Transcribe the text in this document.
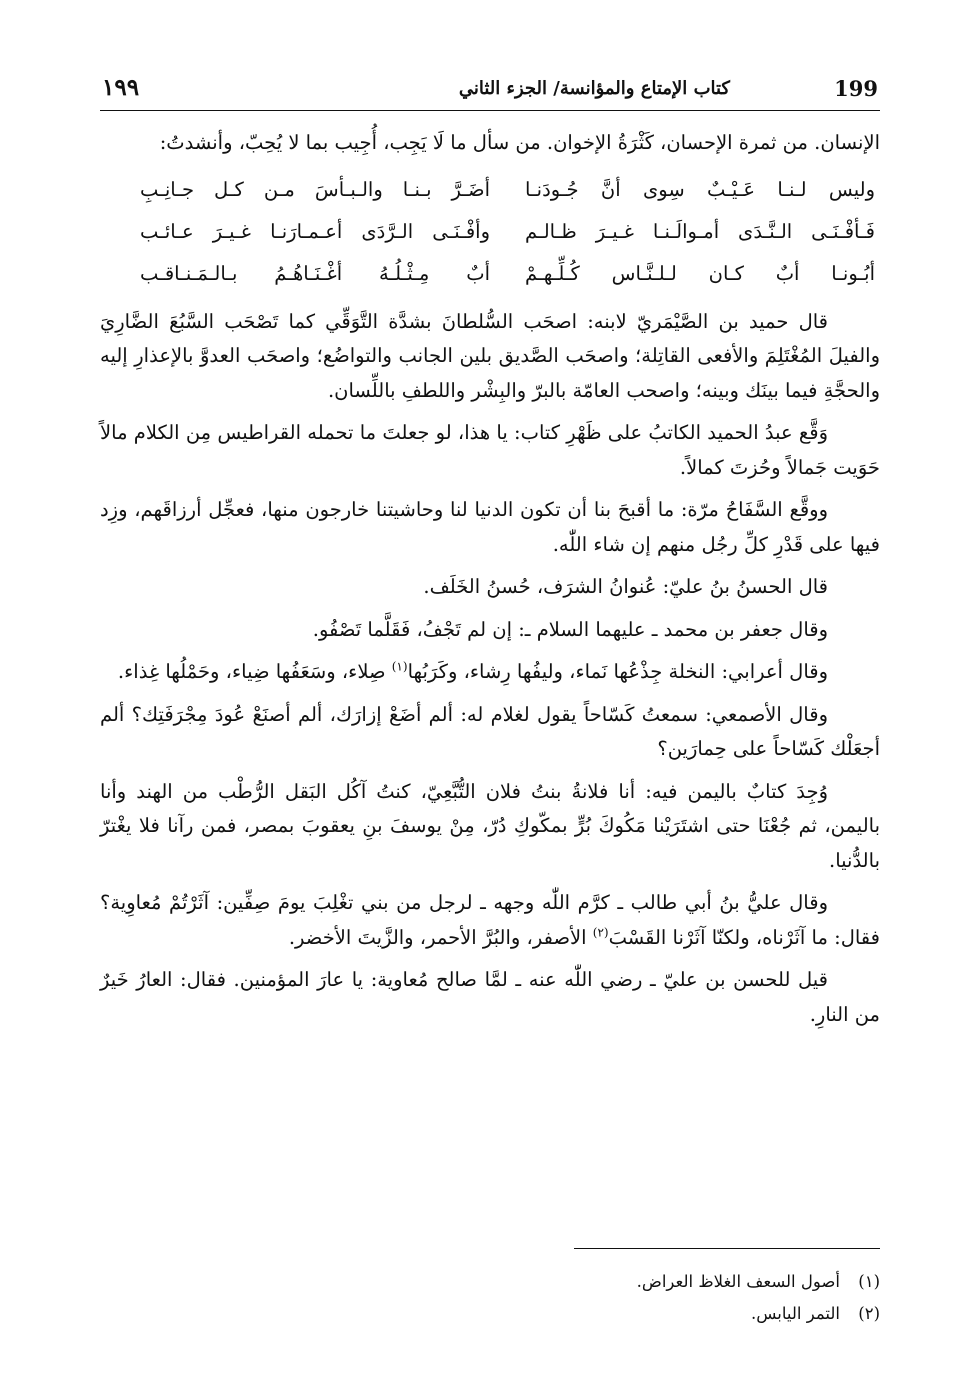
199
كتاب الإمتاع والمؤانسة/ الجزء الثاني
١٩٩

الإنسان. من ثمرة الإحسان، كَثْرَةُ الإخوان. من سأل ما لَا يَجِب، أُجِيب بما لا يُحِبّ، وأنشدتُ:

وليس لـنـا عَـيْـبٌ سِوى أنَّ جُـودَنـا
أضَـرَّ بـنـا والـبـأسَ مـن كـل جـانِـبِ
فَـأفْـنَـى الـنَّـدَى أمـوالَـنـا غـيـرَ ظـالـم
وأفْـنَـى الـرَّدَى أعـمـارَنـا غـيـرَ عـائـب
أبُـونـا أبٌ كـان لـلـنَّـاس كُـلِّـهـمْ
أبٌ مِـثْـلُـهُ أغْـنَـاهُـمُ بـالـمَـنـاقـب

قال حميد بن الصَّيْمَريّ لابنه: اصحَب السُّلطانَ بشدَّة التَّوَقِّي كما تَصْحَب السَّبُعَ الضَّارِيَ والفيلَ المُغْتَلِمَ والأفعى القاتِلة؛ واصحَب الصَّديق بلين الجانب والتواضُع؛ واصحَب العدوَّ بالإعذارِ إليه والحجَّةِ فيما بينَك وبينه؛ واصحب العامّة بالبرّ والبِشْر واللطفِ باللِّسان.

وَقَّع عبدُ الحميد الكاتبُ على ظَهْرِ كتاب: يا هذا، لو جعلتَ ما تحمله القراطيس مِن الكلام مالاً حَوَيت جَمالاً وحُزتَ كمالاً.

ووقَّع السَّفَاحُ مرّة: ما أقبحَ بنا أن تكون الدنيا لنا وحاشيتنا خارجون منها، فعجِّل أرزاقَهم، وزِد فيها على قَدْرِ كلِّ رجُل منهم إن شاء اللّٰه.

قال الحسنُ بنُ عليّ: عُنوانُ الشرَف، حُسنُ الخَلَف.

وقال جعفر بن محمد ـ عليهما السلام ـ: إن لم تَجْفُ، فَقَلَّما تَصْفُو.

وقال أعرابي: النخلة جِذْعُها نَماء، وليفُها رِشاء، وكَرَبُها$^{(١)}$ صِلاء، وسَعَفُها ضِياء، وحَمْلُها غِذاء.

وقال الأصمعي: سمعتُ كَسّاحاً يقول لغلام له: ألم أضَعْ إزارَك، ألم أصنَعْ عُودَ مِجْرَفَتِك؟ ألم أجعَلْك كَسّاحاً على حِمارَين؟

وُجِدَ كتابٌ باليمن فيه: أنا فلانةُ بنتُ فلان التُّبَّعِيّ، كنتُ آكُل البَقل الرُّطْب من الهند وأنا باليمن، ثم جُعْنَا حتى اشتَرَيْنا مَكُوكَ بُرٍّ بمكّوكِ دُرّ، مِنْ يوسفَ بنِ يعقوبَ بمصر، فمن رآنا فلا يغْترّ بالدُّنيا.

وقال عليُّ بنُ أبي طالب ـ كرَّم اللّٰه وجهه ـ لرجل من بني تغْلِبَ يومَ صِفِّين: آثَرْتُمْ مُعاوِية؟ فقال: ما آثَرْناه، ولكنّا آثَرْنا القَسْبَ$^{(٢)}$ الأصفر، والبُرَّ الأحمر، والزَّيتَ الأخضر.

قيل للحسن بن عليّ ـ رضي اللّٰه عنه ـ لمَّا صالح مُعاوية: يا عارَ المؤمنين. فقال: العارُ خَيرٌ من النارِ.

(١)
أصول السعف الغلاظ العراض.
(٢)
التمر اليابس.
